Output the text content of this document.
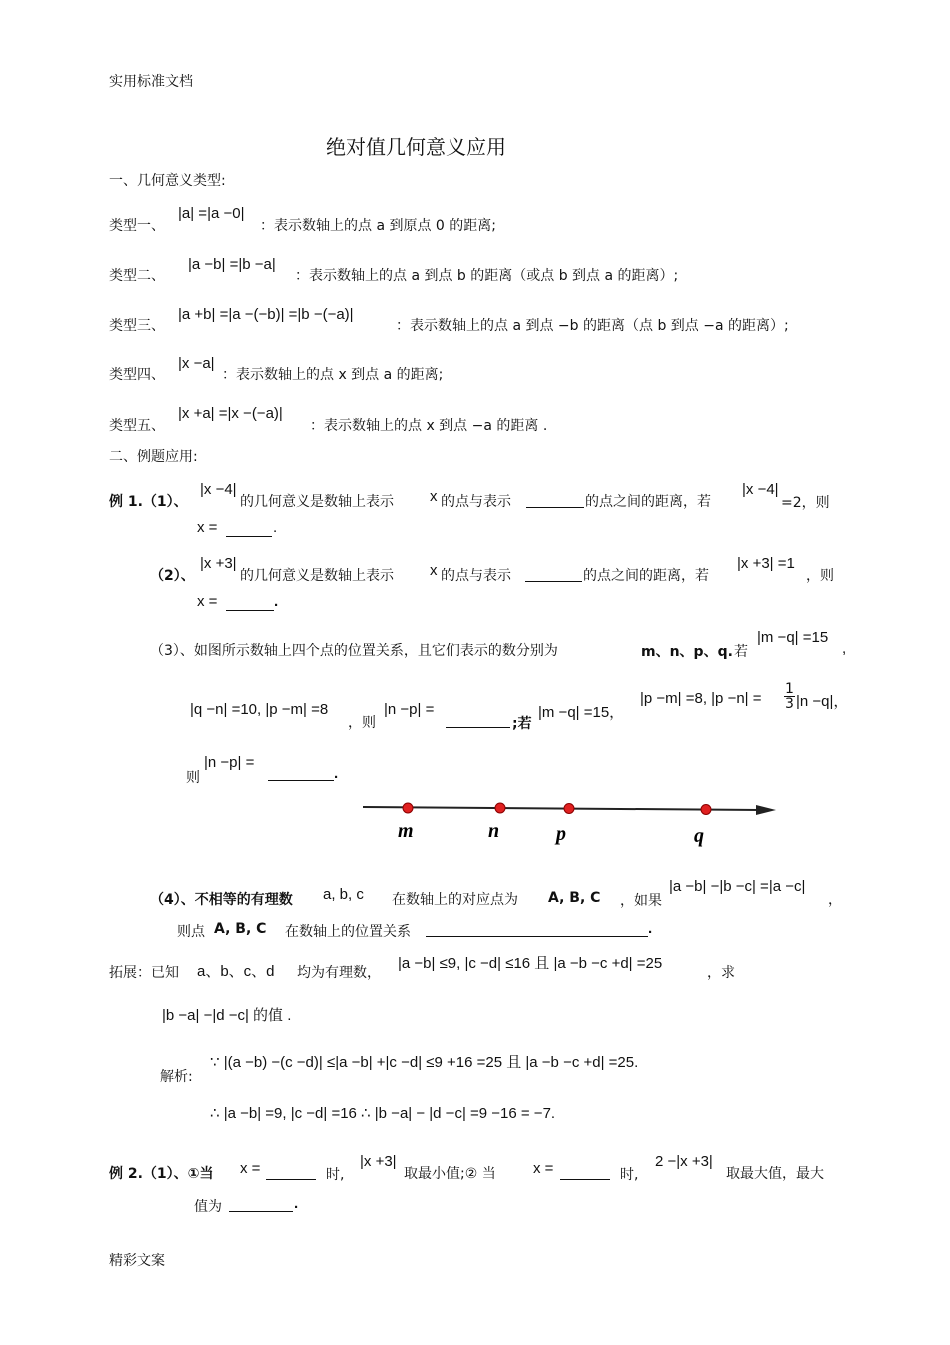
实用标准文档
精彩文案
绝对值几何意义应用
一、几何意义类型:
类型一、
|a| =|a −0|
：表示数轴上的点 a 到原点 0 的距离;
类型二、
|a −b| =|b −a|
：表示数轴上的点 a 到点 b 的距离（或点 b 到点 a 的距离）;
类型三、
|a +b| =|a −(−b)| =|b −(−a)|
：表示数轴上的点 a 到点 −b 的距离（点 b 到点 −a 的距离）;
类型四、
|x −a|
：表示数轴上的点 x 到点 a 的距离;
类型五、
|x +a| =|x −(−a)|
：表示数轴上的点 x 到点 −a 的距离 .
二、例题应用:
例 1.（1）、
|x −4|
的几何意义是数轴上表示 x 的点与表示	的点之间的距离，若
|x −4|
=2，则
x =	.
（2）、
|x +3|
的几何意义是数轴上表示 x 的点与表示	的点之间的距离，若
|x +3| =1
，则
x =	.
（3）、如图所示数轴上四个点的位置关系，且它们表示的数分别为	m、n、p、q. 若
|m −q| =15
,
|q −n| =10, |p −m| =8
，则
|n −p| =
;若
|m −q| =15，
|p −m| =8, $|p -n| = \frac{1}{3} |n -q|$，
则
|n −p| =
.
m	n	p	q
（4）、不相等的有理数 a, b, c 在数轴上的对应点为 A, B, C ，如果
|a −b| −|b −c| =|a −c|
，
则点 A, B, C 在数轴上的位置关系	.
拓展：已知 a、b、c、d 均为有理数，
|a −b| ≤9, |c −d| ≤16 且 |a −b −c +d| =25
，求
|b −a| −|d −c| 的值 .
解析:
∵ |(a −b) −(c −d)| ≤|a −b| +|c −d| ≤9 +16 =25 且 |a −b −c +d| =25.
∴ |a −b| =9, |c −d| =16 ∴ |b −a| − |d −c| =9 −16 = −7.
例 2.（1）、①当 x =	时,
|x +3|
取最小值;② 当 x =	时,
2 −|x +3|
取最大值，最大
值为	.
